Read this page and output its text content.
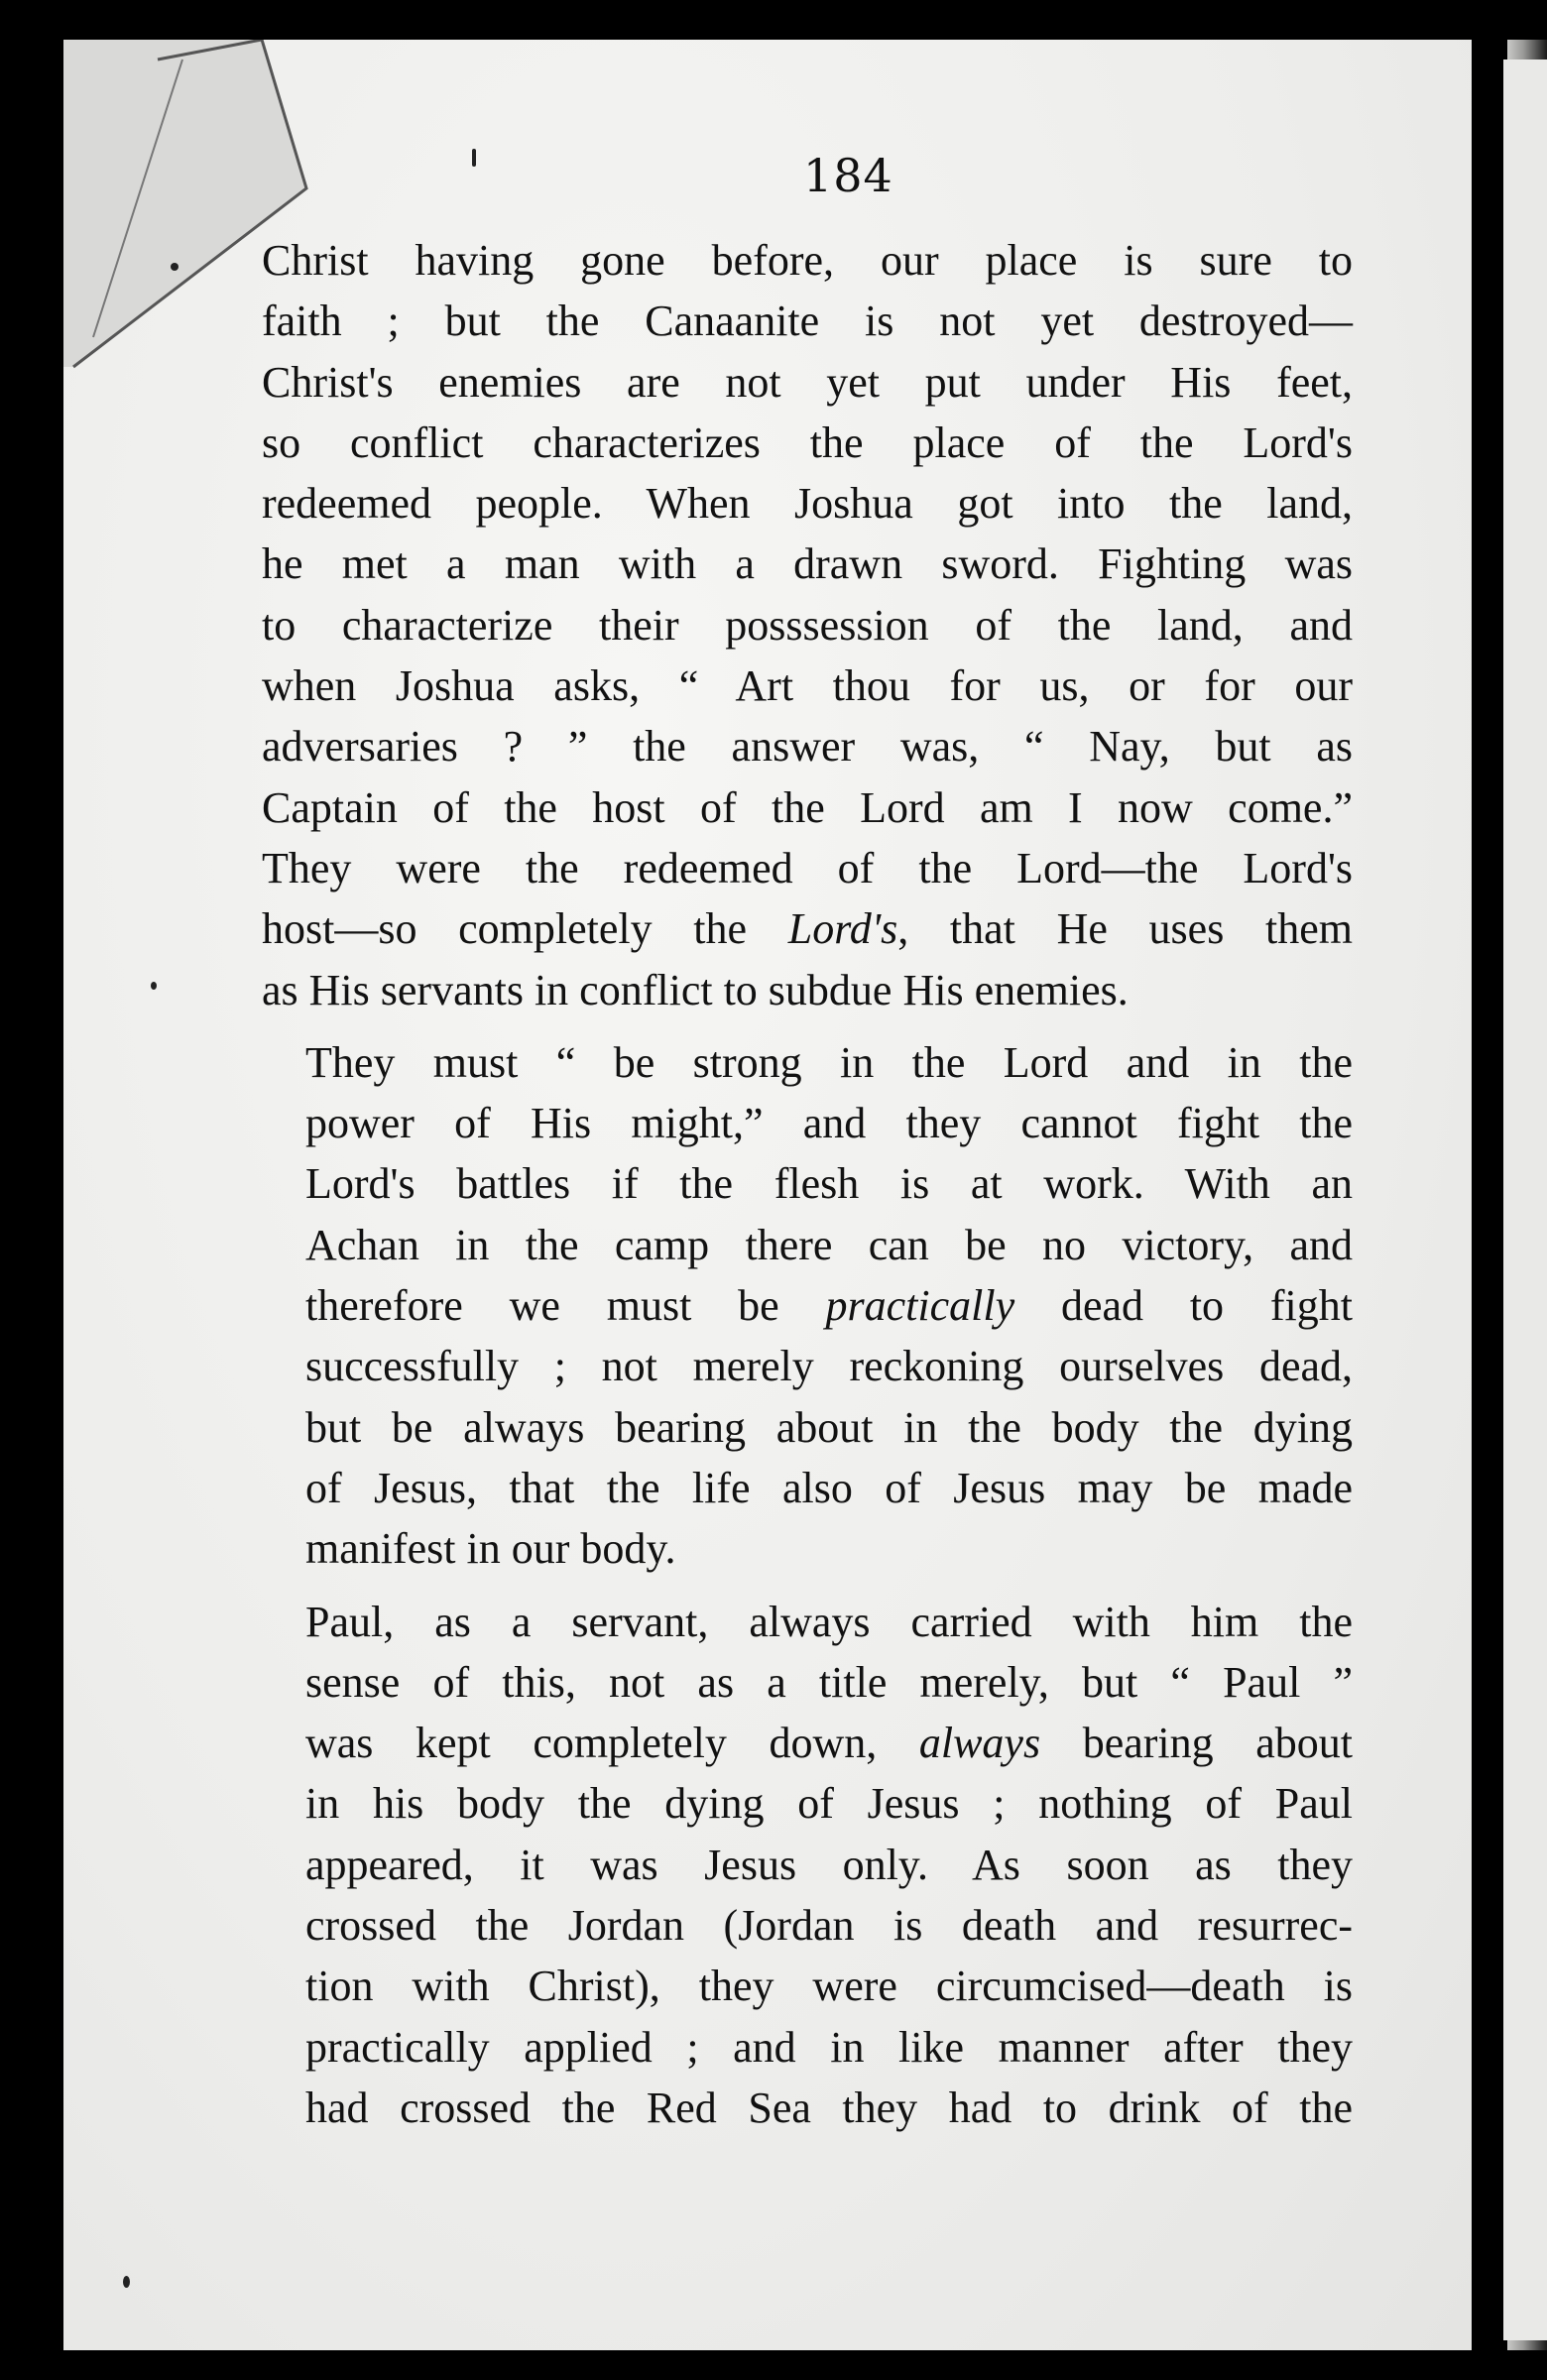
184

Christ having gone before, our place is sure to
faith ; but the Canaanite is not yet destroyed—
Christ's enemies are not yet put under His feet,
so conflict characterizes the place of the Lord's
redeemed people. When Joshua got into the land,
he met a man with a drawn sword. Fighting was
to characterize their posssession of the land, and
when Joshua asks, “ Art thou for us, or for our
adversaries ? ” the answer was, “ Nay, but as
Captain of the host of the Lord am I now come.”
They were the redeemed of the Lord—the Lord's
host—so completely the Lord's, that He uses them
as His servants in conflict to subdue His enemies.

They must “ be strong in the Lord and in the
power of His might,” and they cannot fight the
Lord's battles if the flesh is at work. With an
Achan in the camp there can be no victory, and
therefore we must be practically dead to fight
successfully ; not merely reckoning ourselves dead,
but be always bearing about in the body the dying
of Jesus, that the life also of Jesus may be made
manifest in our body.

Paul, as a servant, always carried with him the
sense of this, not as a title merely, but “ Paul ”
was kept completely down, always bearing about
in his body the dying of Jesus ; nothing of Paul
appeared, it was Jesus only. As soon as they
crossed the Jordan (Jordan is death and resurrec-
tion with Christ), they were circumcised—death is
practically applied ; and in like manner after they
had crossed the Red Sea they had to drink of the
